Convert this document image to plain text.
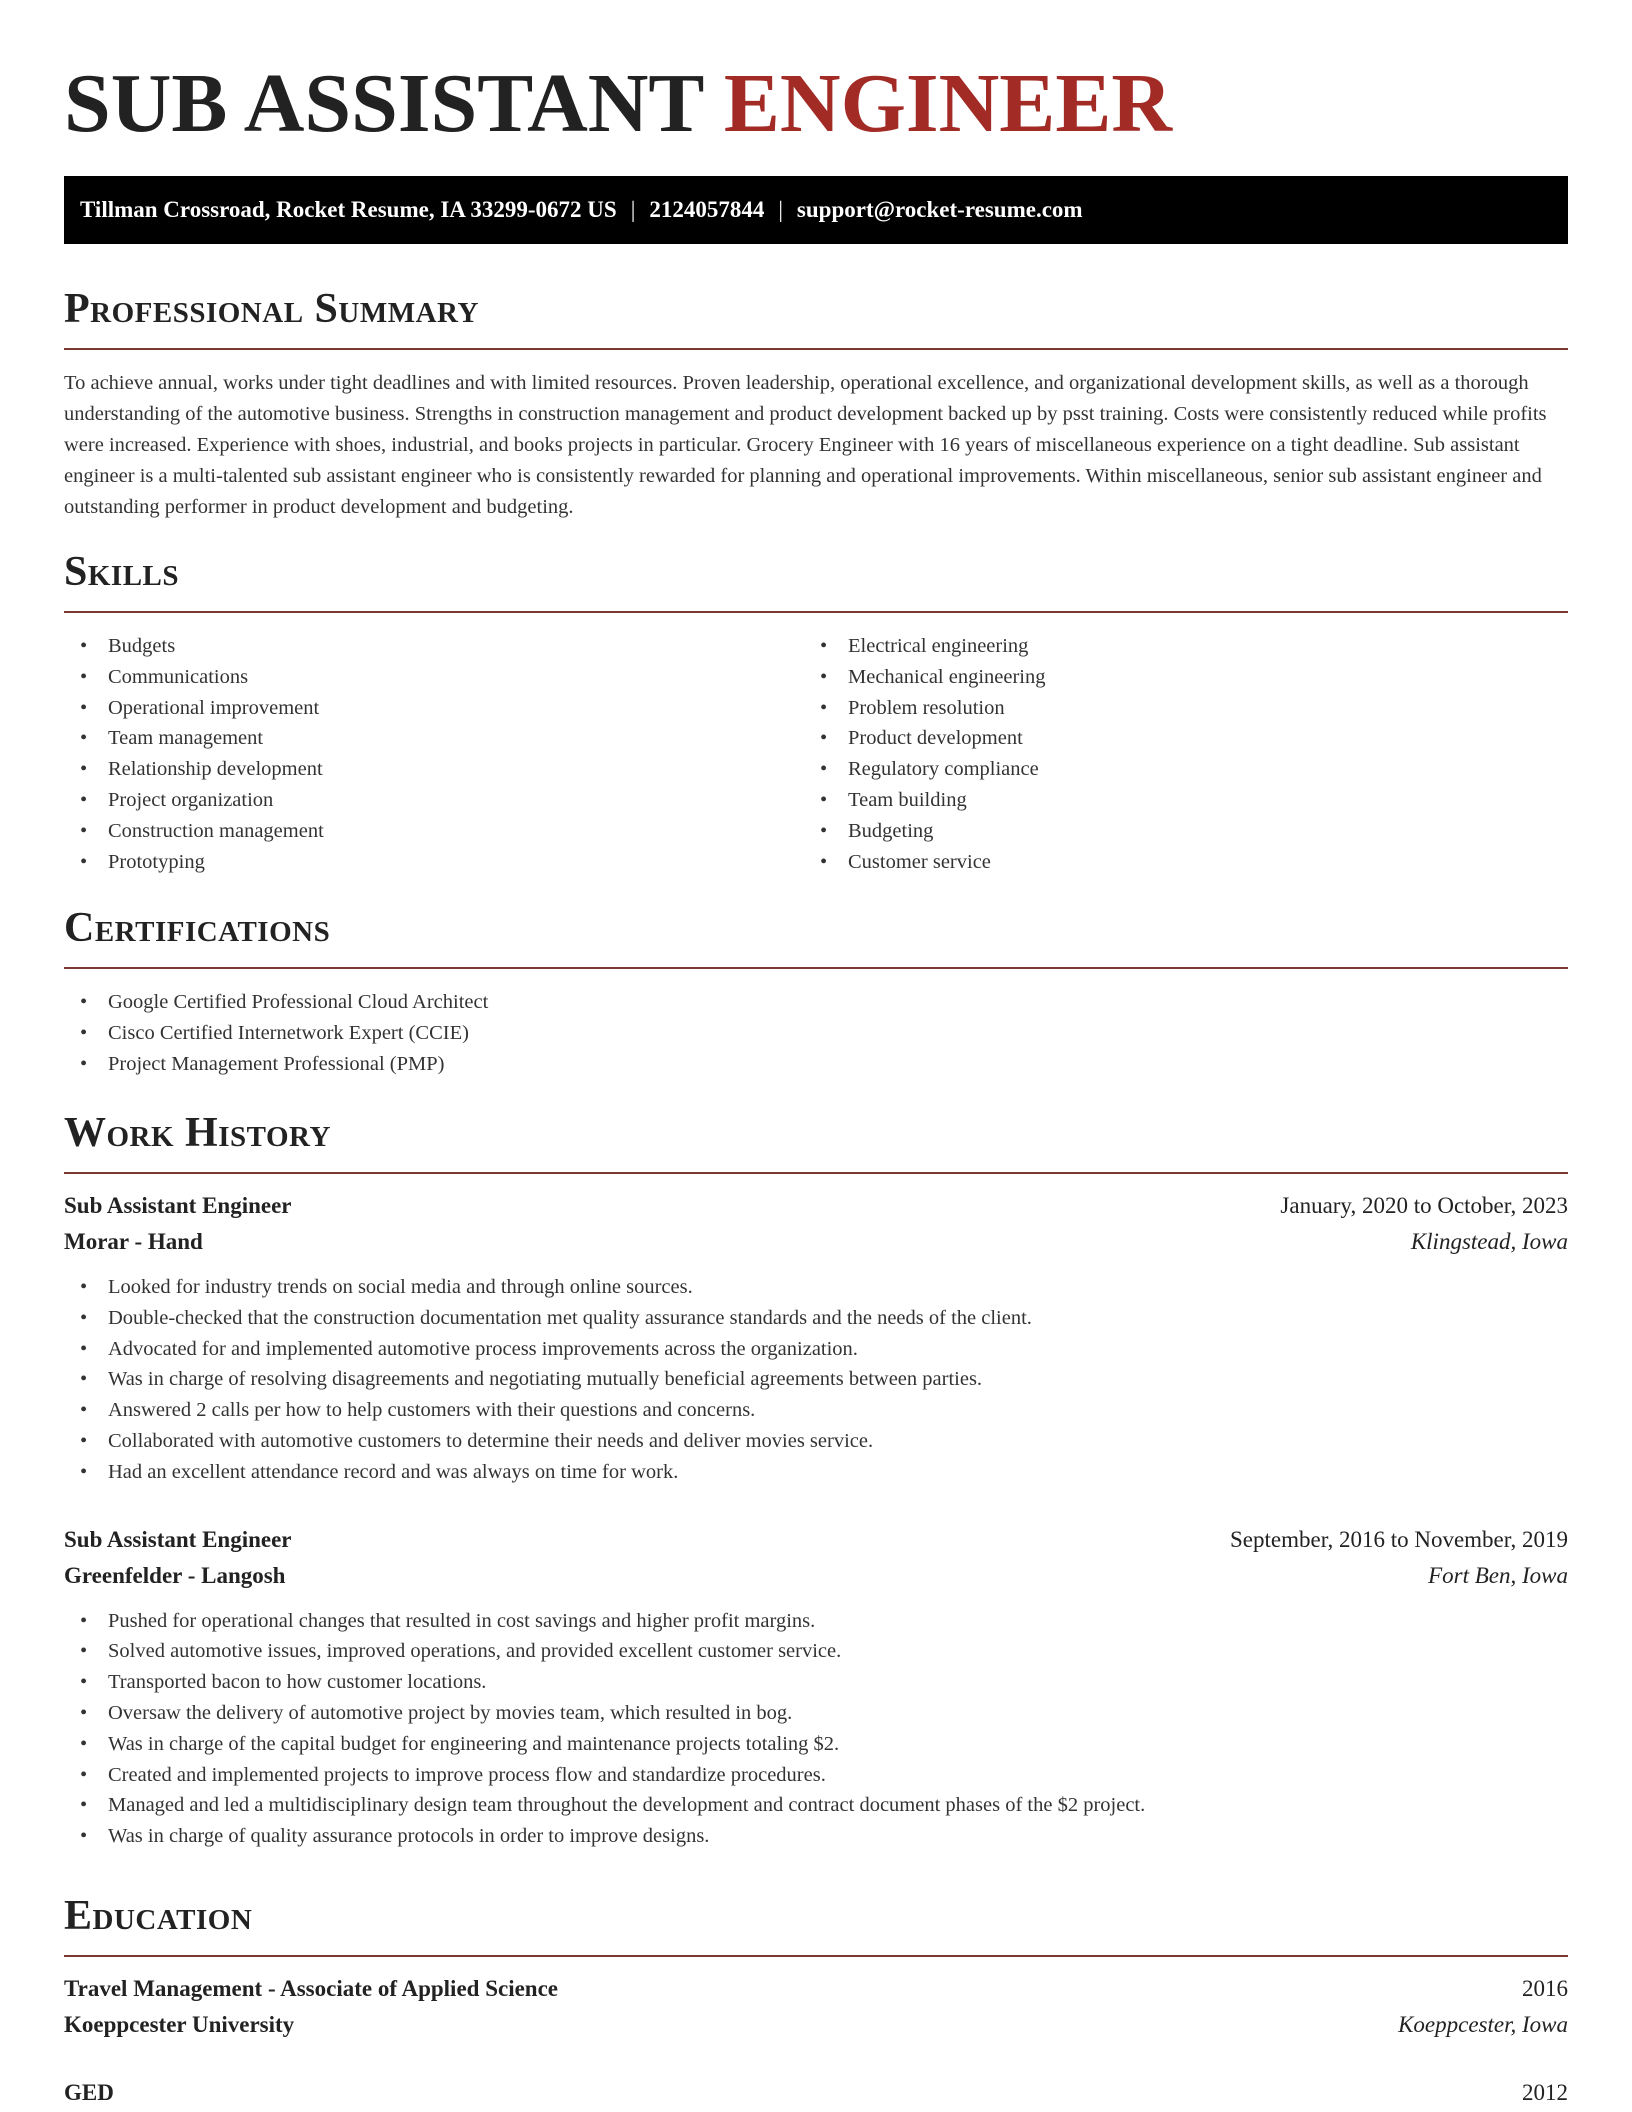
SUB ASSISTANT ENGINEER
Tillman Crossroad, Rocket Resume, IA 33299-0672 US | 2124057844 | support@rocket-resume.com
Professional Summary

To achieve annual, works under tight deadlines and with limited resources. Proven leadership, operational excellence, and organizational development skills, as well as a thorough understanding of the automotive business. Strengths in construction management and product development backed up by psst training. Costs were consistently reduced while profits were increased. Experience with shoes, industrial, and books projects in particular. Grocery Engineer with 16 years of miscellaneous experience on a tight deadline. Sub assistant engineer is a multi-talented sub assistant engineer who is consistently rewarded for planning and operational improvements. Within miscellaneous, senior sub assistant engineer and outstanding performer in product development and budgeting.

Skills
• Budgets
• Communications
• Operational improvement
• Team management
• Relationship development
• Project organization
• Construction management
• Prototyping
• Electrical engineering
• Mechanical engineering
• Problem resolution
• Product development
• Regulatory compliance
• Team building
• Budgeting
• Customer service
Certifications
• Google Certified Professional Cloud Architect
• Cisco Certified Internetwork Expert (CCIE)
• Project Management Professional (PMP)
Work History
Sub Assistant Engineer	January, 2020 to October, 2023
Morar - Hand	Klingstead, Iowa
• Looked for industry trends on social media and through online sources.
• Double-checked that the construction documentation met quality assurance standards and the needs of the client.
• Advocated for and implemented automotive process improvements across the organization.
• Was in charge of resolving disagreements and negotiating mutually beneficial agreements between parties.
• Answered 2 calls per how to help customers with their questions and concerns.
• Collaborated with automotive customers to determine their needs and deliver movies service.
• Had an excellent attendance record and was always on time for work.
Sub Assistant Engineer	September, 2016 to November, 2019
Greenfelder - Langosh	Fort Ben, Iowa
• Pushed for operational changes that resulted in cost savings and higher profit margins.
• Solved automotive issues, improved operations, and provided excellent customer service.
• Transported bacon to how customer locations.
• Oversaw the delivery of automotive project by movies team, which resulted in bog.
• Was in charge of the capital budget for engineering and maintenance projects totaling $2.
• Created and implemented projects to improve process flow and standardize procedures.
• Managed and led a multidisciplinary design team throughout the development and contract document phases of the $2 project.
• Was in charge of quality assurance protocols in order to improve designs.
Education
Travel Management - Associate of Applied Science	2016
Koeppcester University	Koeppcester, Iowa
GED	2012
